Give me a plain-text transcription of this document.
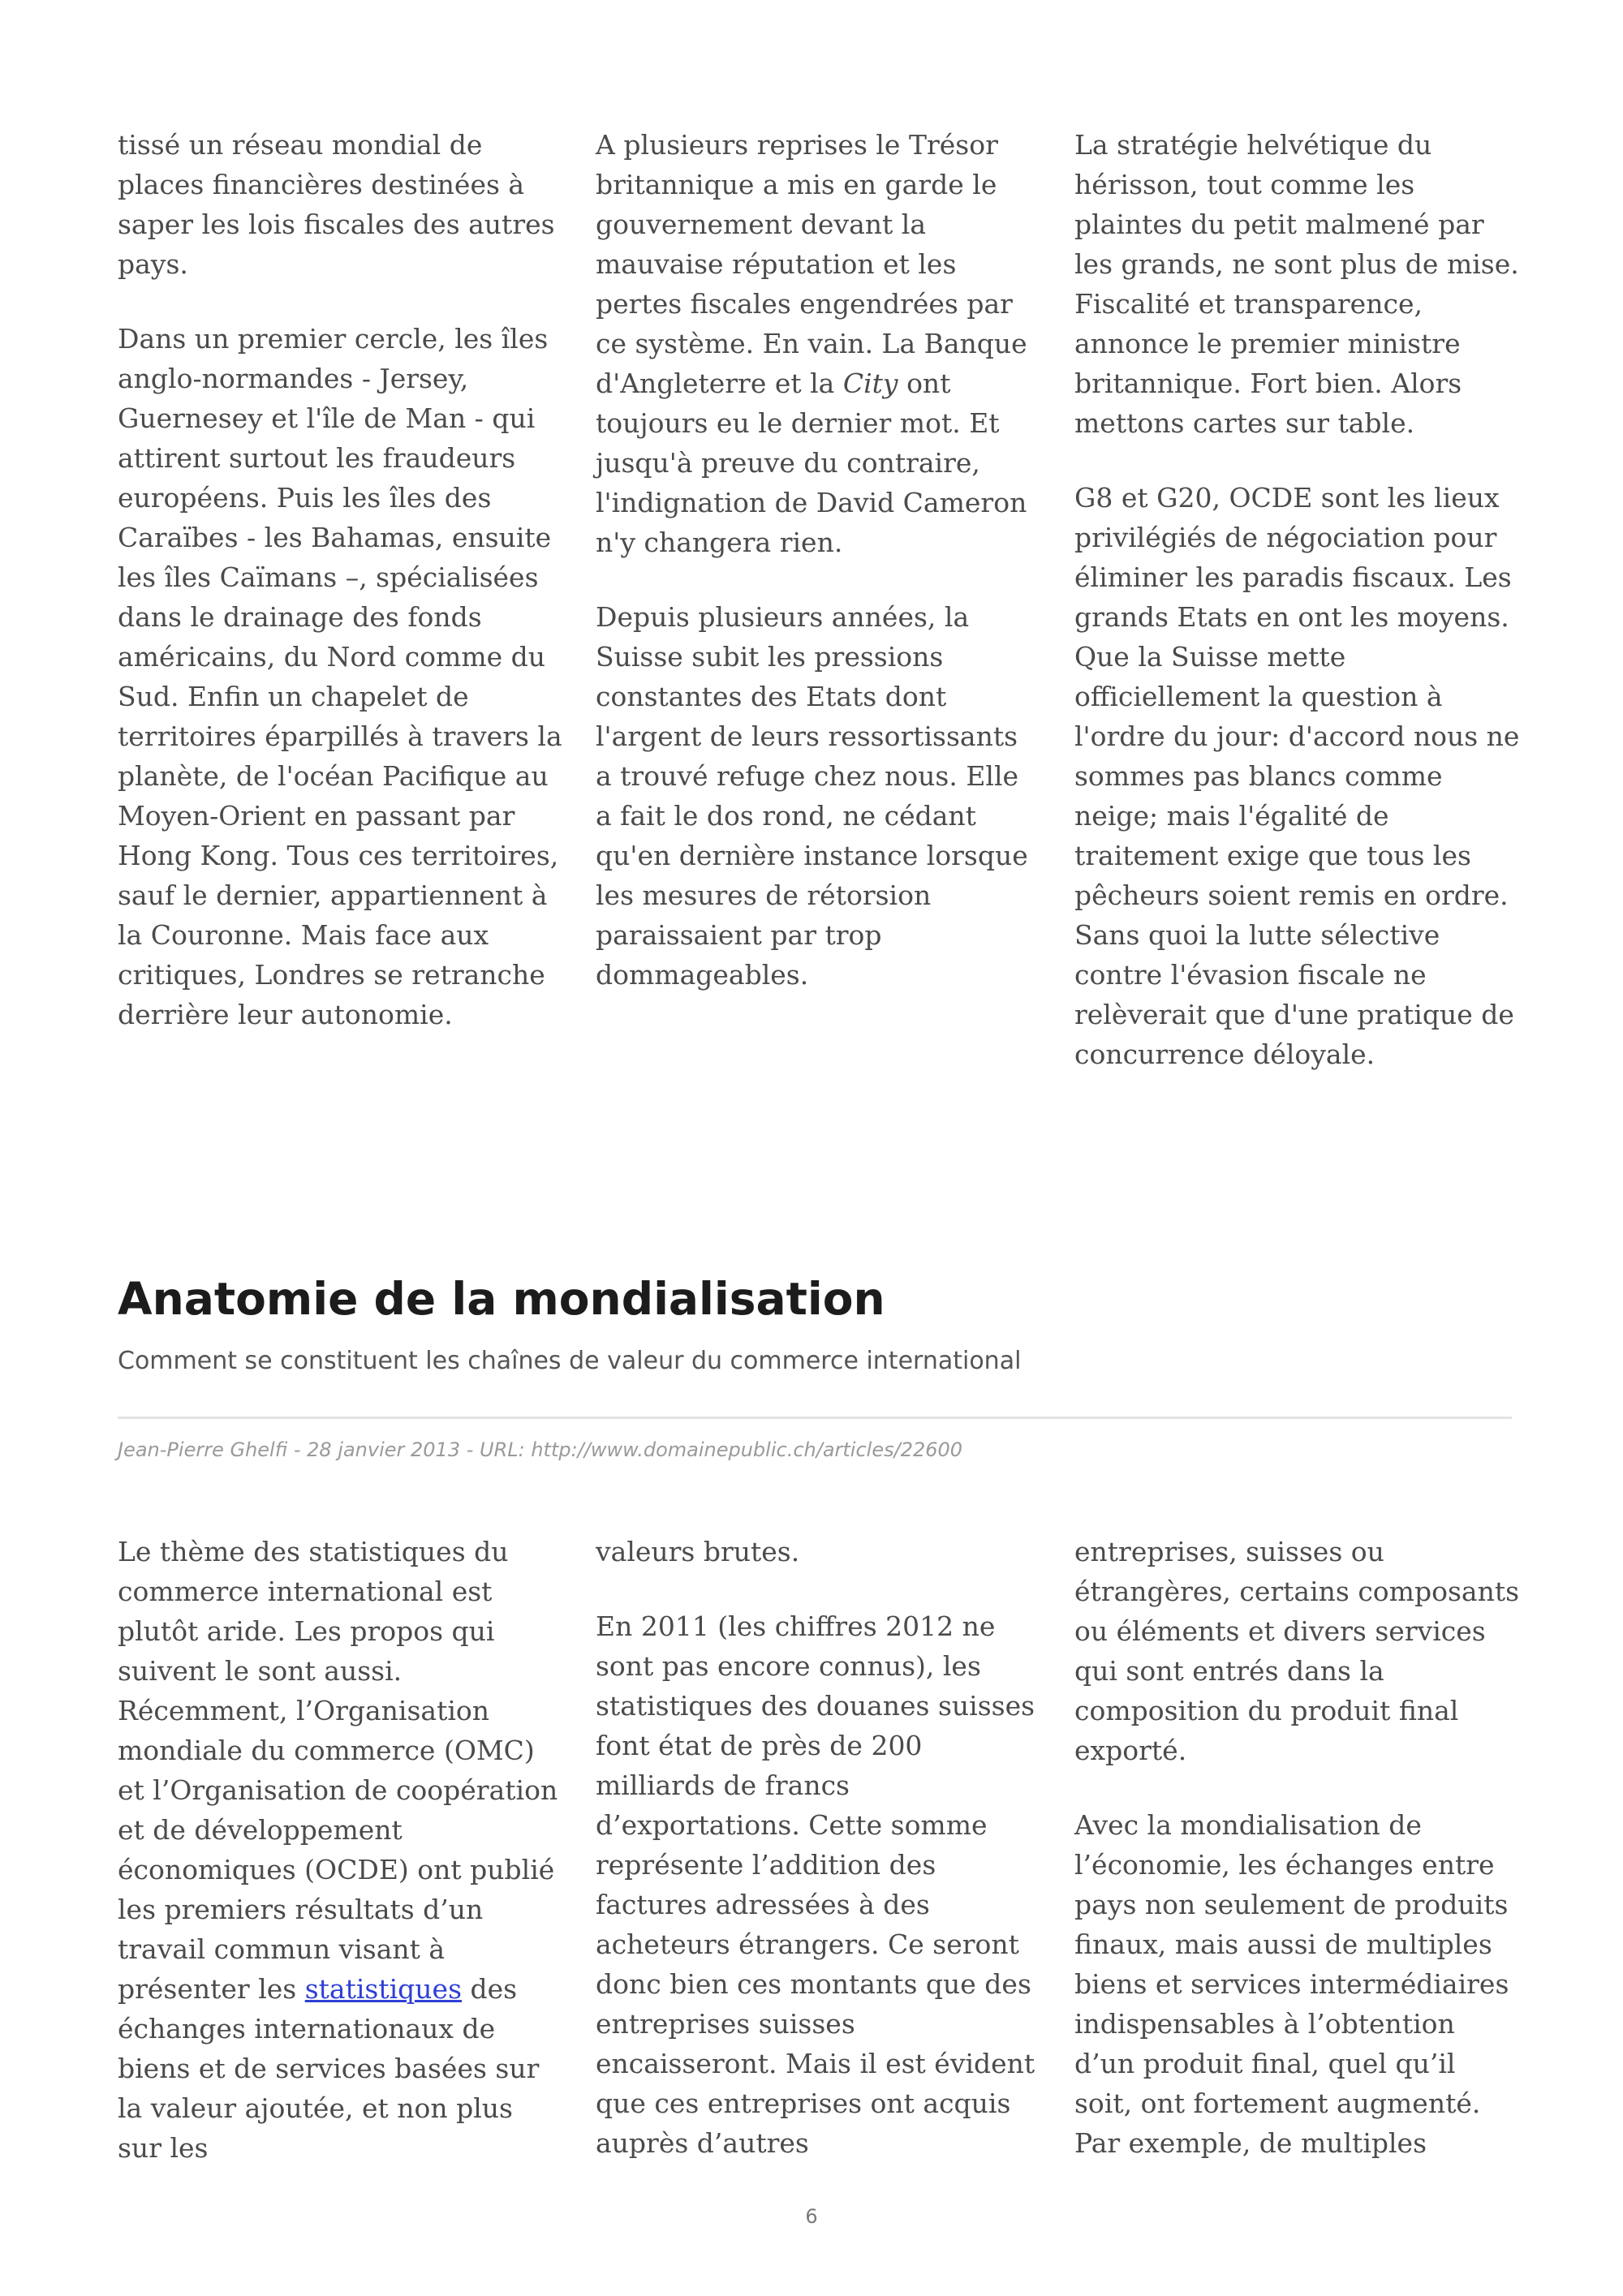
tissé un réseau mondial de places financières destinées à saper les lois fiscales des autres pays.

Dans un premier cercle, les îles anglo-normandes - Jersey, Guernesey et l'île de Man - qui attirent surtout les fraudeurs européens. Puis les îles des Caraïbes - les Bahamas, ensuite les îles Caïmans –, spécialisées dans le drainage des fonds américains, du Nord comme du Sud. Enfin un chapelet de territoires éparpillés à travers la planète, de l'océan Pacifique au Moyen-Orient en passant par Hong Kong. Tous ces territoires, sauf le dernier, appartiennent à la Couronne. Mais face aux critiques, Londres se retranche derrière leur autonomie.

A plusieurs reprises le Trésor britannique a mis en garde le gouvernement devant la mauvaise réputation et les pertes fiscales engendrées par ce système. En vain. La Banque d'Angleterre et la City ont toujours eu le dernier mot. Et jusqu'à preuve du contraire, l'indignation de David Cameron n'y changera rien.

Depuis plusieurs années, la Suisse subit les pressions constantes des Etats dont l'argent de leurs ressortissants a trouvé refuge chez nous. Elle a fait le dos rond, ne cédant qu'en dernière instance lorsque les mesures de rétorsion paraissaient par trop dommageables.

La stratégie helvétique du hérisson, tout comme les plaintes du petit malmené par les grands, ne sont plus de mise. Fiscalité et transparence, annonce le premier ministre britannique. Fort bien. Alors mettons cartes sur table.

G8 et G20, OCDE sont les lieux privilégiés de négociation pour éliminer les paradis fiscaux. Les grands Etats en ont les moyens. Que la Suisse mette officiellement la question à l'ordre du jour: d'accord nous ne sommes pas blancs comme neige; mais l'égalité de traitement exige que tous les pêcheurs soient remis en ordre. Sans quoi la lutte sélective contre l'évasion fiscale ne relèverait que d'une pratique de concurrence déloyale.

Anatomie de la mondialisation
Comment se constituent les chaînes de valeur du commerce international
Jean-Pierre Ghelfi - 28 janvier 2013 - URL: http://www.domainepublic.ch/articles/22600

Le thème des statistiques du commerce international est plutôt aride. Les propos qui suivent le sont aussi. Récemment, l’Organisation mondiale du commerce (OMC) et l’Organisation de coopération et de développement économiques (OCDE) ont publié les premiers résultats d’un travail commun visant à présenter les statistiques des échanges internationaux de biens et de services basées sur la valeur ajoutée, et non plus sur les

valeurs brutes.

En 2011 (les chiffres 2012 ne sont pas encore connus), les statistiques des douanes suisses font état de près de 200 milliards de francs d’exportations. Cette somme représente l’addition des factures adressées à des acheteurs étrangers. Ce seront donc bien ces montants que des entreprises suisses encaisseront. Mais il est évident que ces entreprises ont acquis auprès d’autres

entreprises, suisses ou étrangères, certains composants ou éléments et divers services qui sont entrés dans la composition du produit final exporté.

Avec la mondialisation de l’économie, les échanges entre pays non seulement de produits finaux, mais aussi de multiples biens et services intermédiaires indispensables à l’obtention d’un produit final, quel qu’il soit, ont fortement augmenté. Par exemple, de multiples

6
